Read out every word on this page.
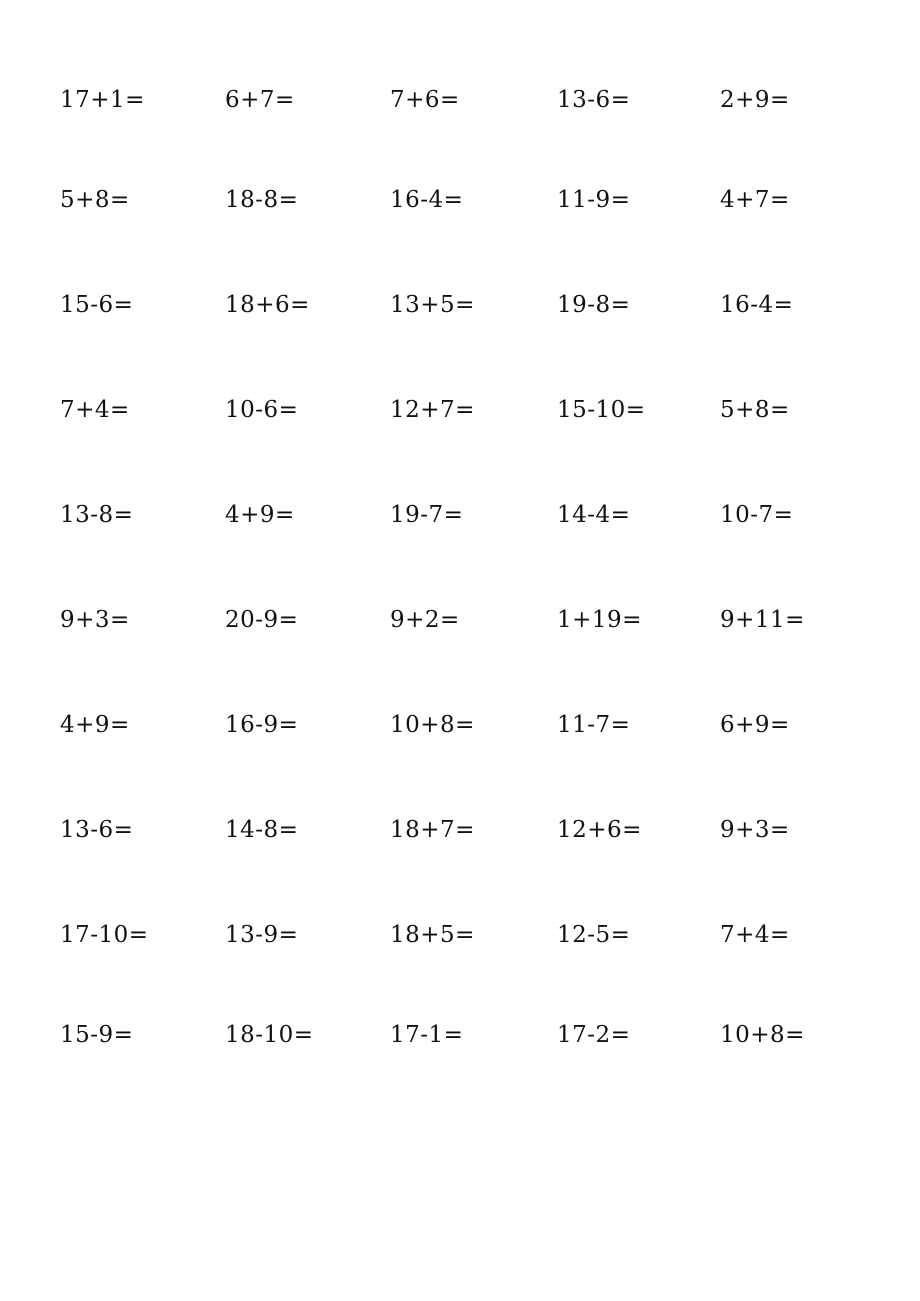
17+1=	6+7=	7+6=	13-6=	2+9=
5+8=	18-8=	16-4=	11-9=	4+7=
15-6=	18+6=	13+5=	19-8=	16-4=
7+4=	10-6=	12+7=	15-10=	5+8=
13-8=	4+9=	19-7=	14-4=	10-7=
9+3=	20-9=	9+2=	1+19=	9+11=
4+9=	16-9=	10+8=	11-7=	6+9=
13-6=	14-8=	18+7=	12+6=	9+3=
17-10=	13-9=	18+5=	12-5=	7+4=
15-9=	18-10=	17-1=	17-2=	10+8=
